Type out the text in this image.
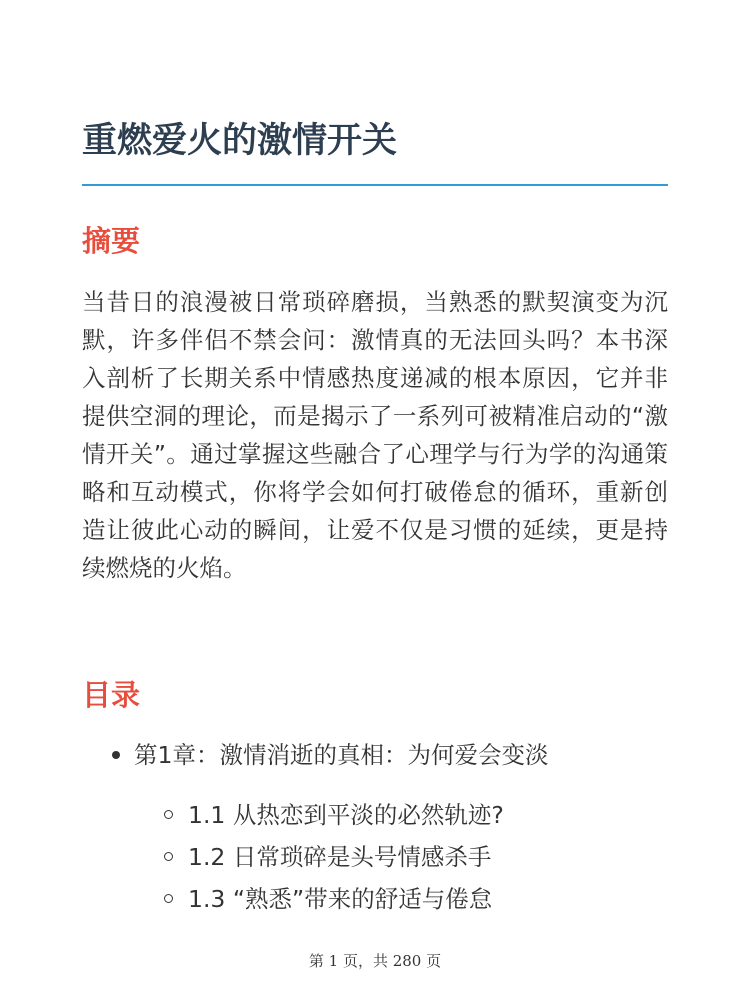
重燃爱火的激情开关
摘要

当昔日的浪漫被日常琐碎磨损，当熟悉的默契演变为沉默，许多伴侣不禁会问：激情真的无法回头吗？本书深入剖析了长期关系中情感热度递减的根本原因，它并非提供空洞的理论，而是揭示了一系列可被精准启动的“激情开关”。通过掌握这些融合了心理学与行为学的沟通策略和互动模式，你将学会如何打破倦怠的循环，重新创造让彼此心动的瞬间，让爱不仅是习惯的延续，更是持续燃烧的火焰。

目录
第1章：激情消逝的真相：为何爱会变淡
1.1 从热恋到平淡的必然轨迹?
1.2 日常琐碎是头号情感杀手
1.3 “熟悉”带来的舒适与倦怠
第 1 页，共 280 页
